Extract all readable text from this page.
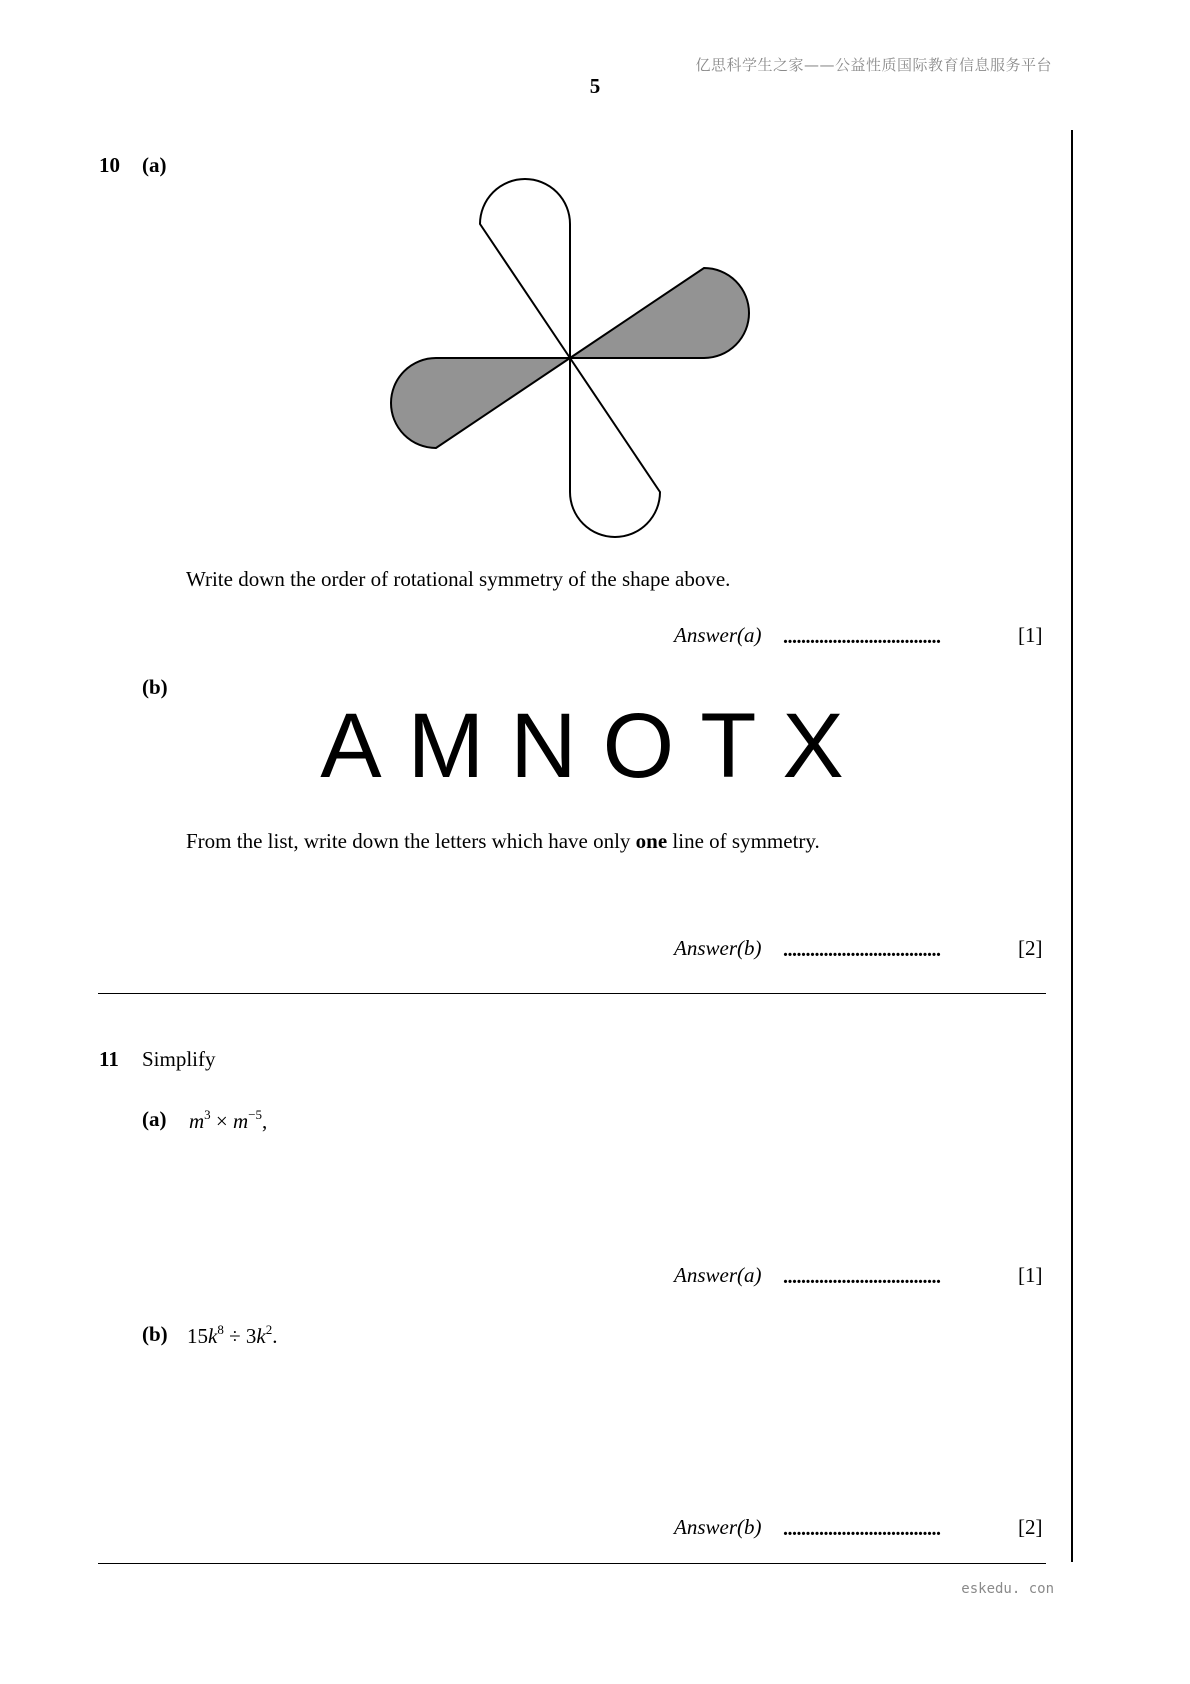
亿思科学生之家——公益性质国际教育信息服务平台
5
10 (a)
Write down the order of rotational symmetry of the shape above.
Answer(a) ...................................	[1]
(b)
AMNOTX
From the list, write down the letters which have only one line of symmetry.
Answer(b) ...................................	[2]
11 Simplify
(a) $m^3 \times m^{-5}$,
Answer(a) ...................................	[1]
(b) $15k^8 \div 3k^2$.
Answer(b) ...................................	[2]
eskedu. con
